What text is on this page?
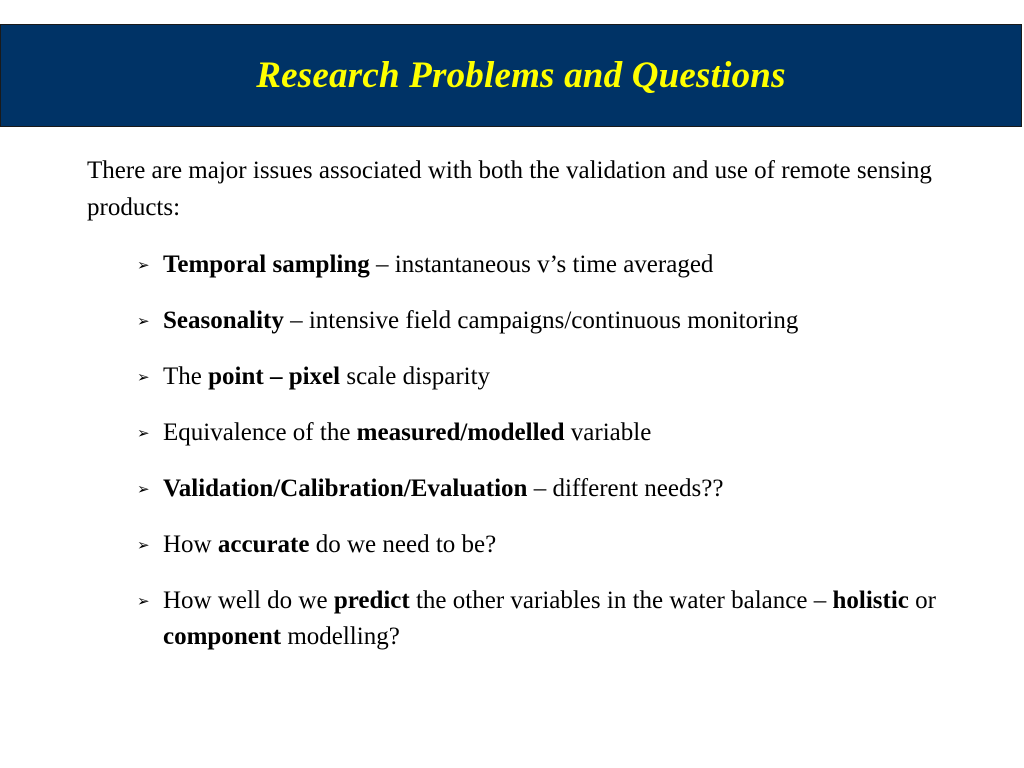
Research Problems and Questions
There are major issues associated with both the validation and use of remote sensing products:
➢ Temporal sampling – instantaneous v’s time averaged
➢ Seasonality – intensive field campaigns/continuous monitoring
➢ The point – pixel scale disparity
➢ Equivalence of the measured/modelled variable
➢ Validation/Calibration/Evaluation – different needs??
➢ How accurate do we need to be?
➢ How well do we predict the other variables in the water balance – holistic or component modelling?
